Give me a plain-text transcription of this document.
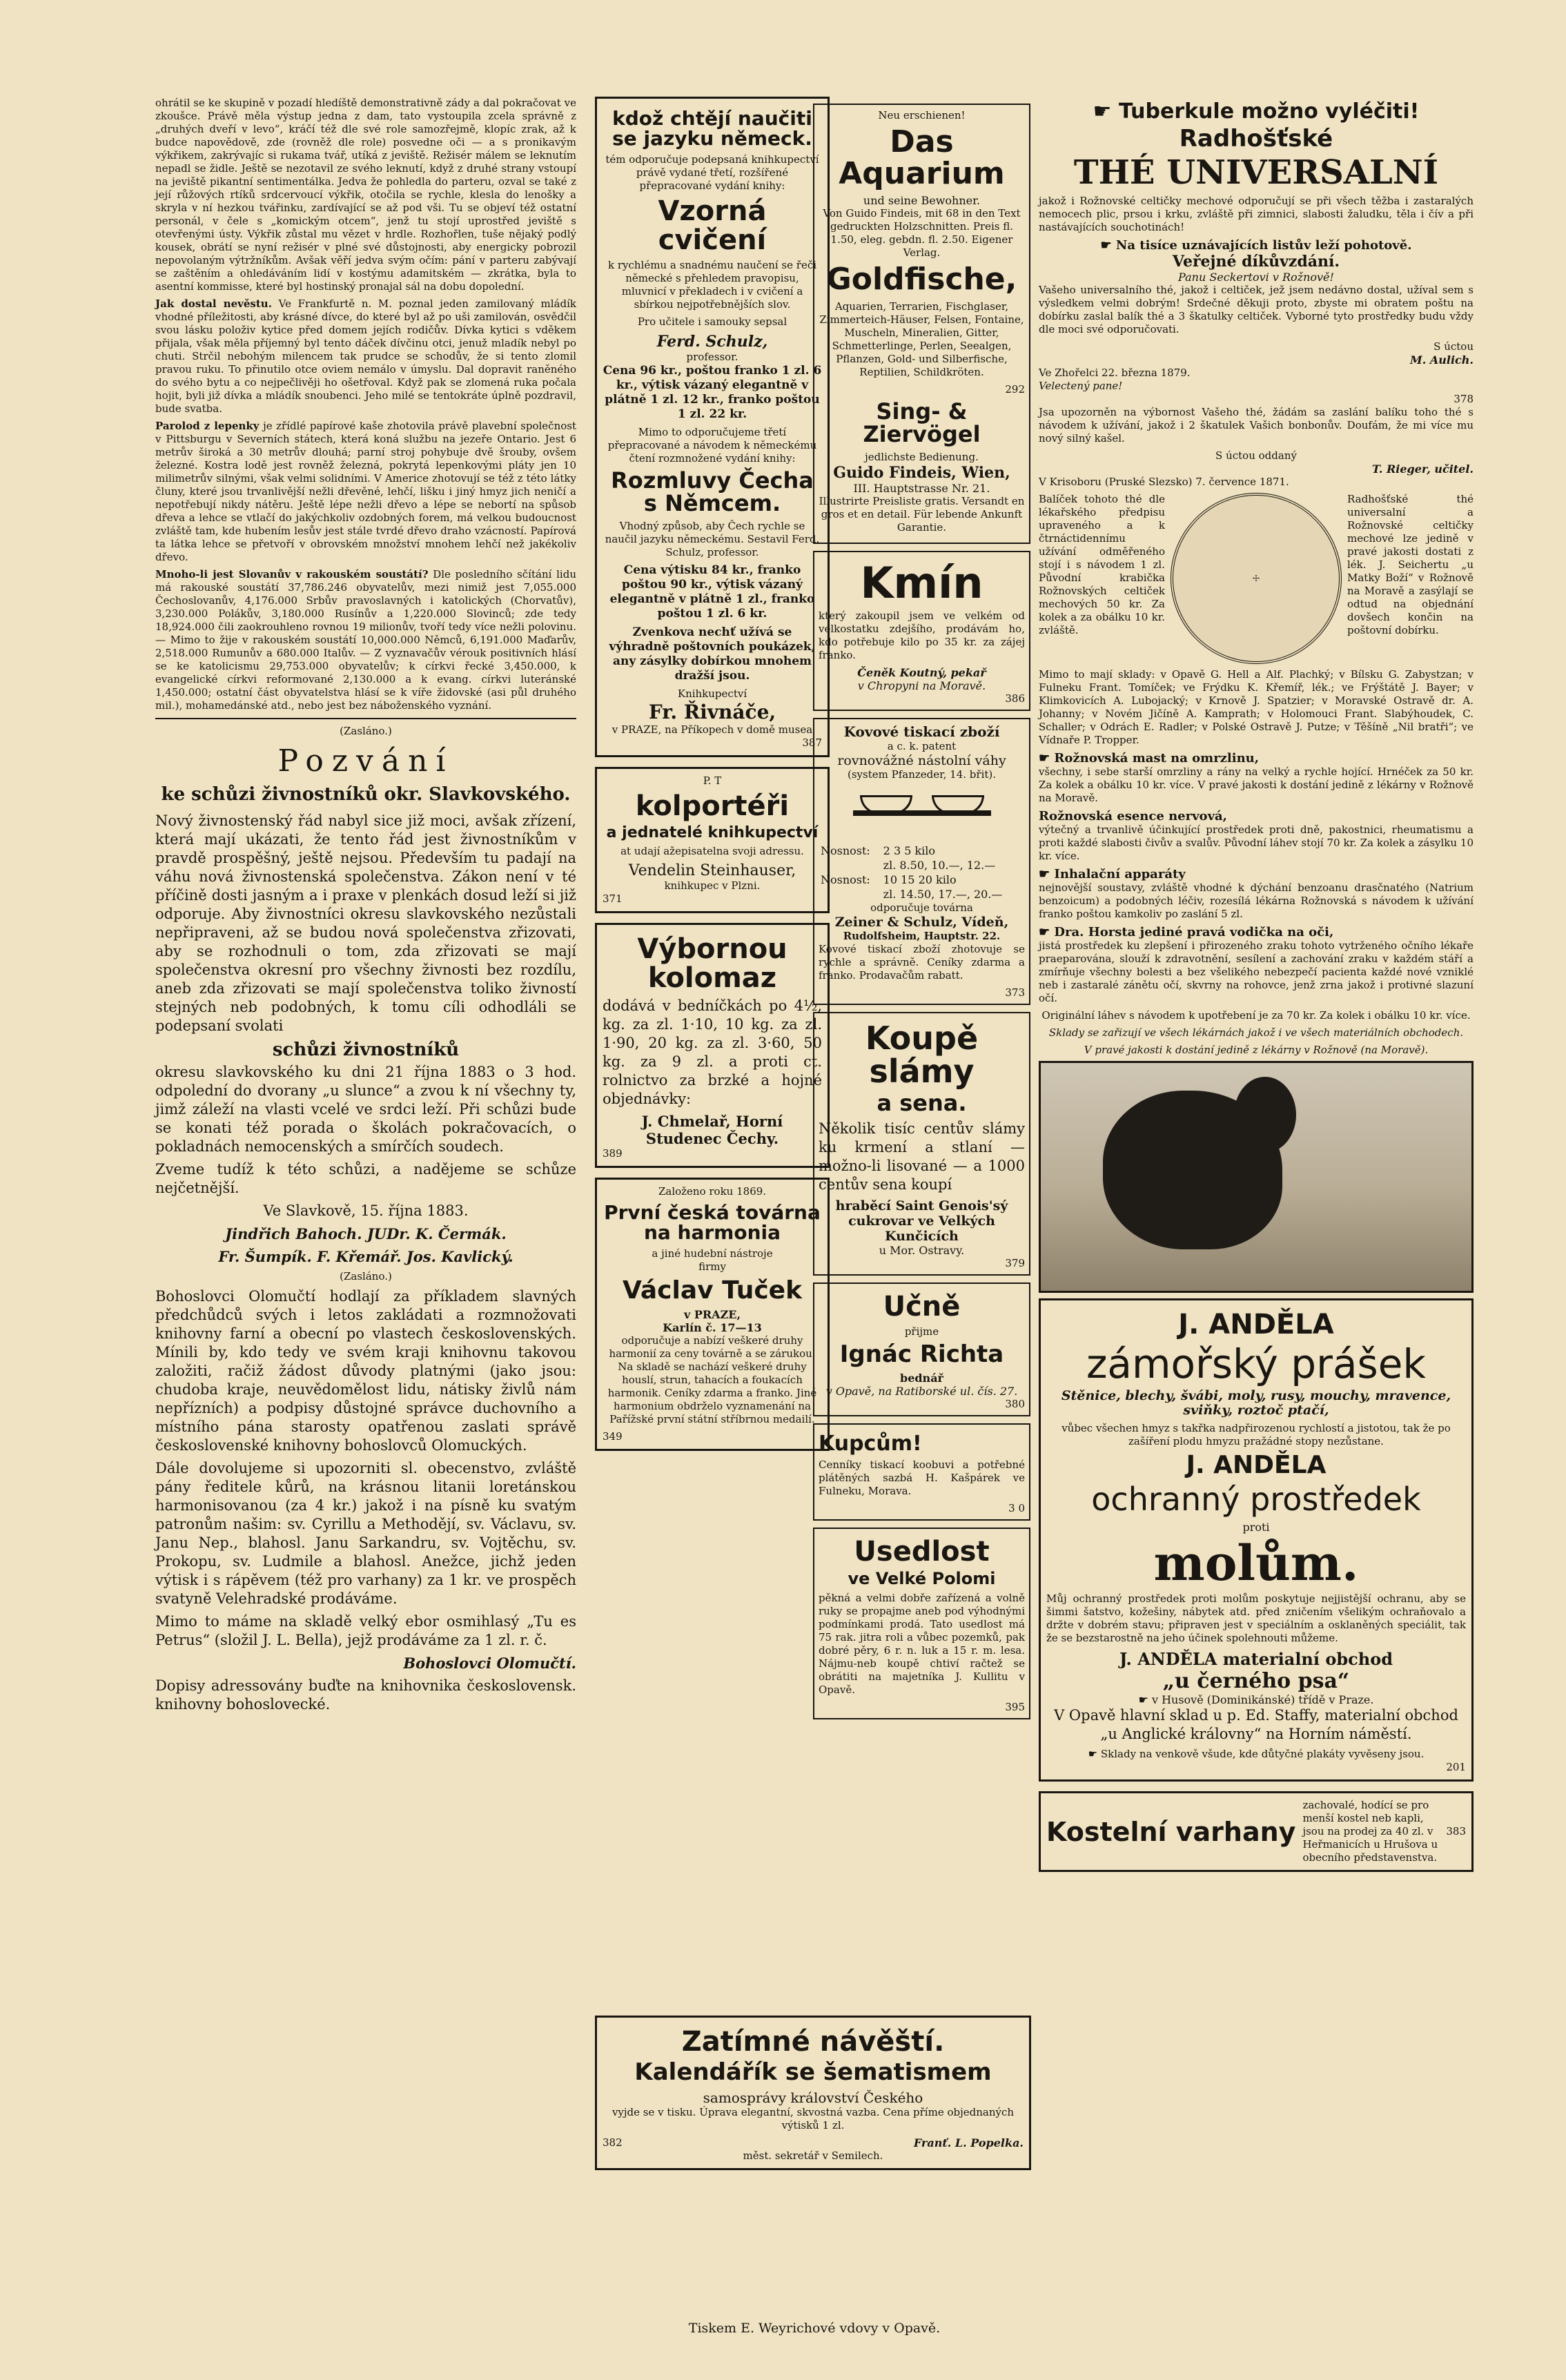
ohrátil se ke skupině v pozadí hledíště demonstrativně zády a dal pokračovat ve zkoušce. Právě měla výstup jedna z dam, tato vystoupila zcela správně z „druhých dveří v levo“, kráčí též dle své role samozřejmě, klopíc zrak, až k budce napovědově, zde (rovněž dle role) posvedne oči — a s pronikavým výkřikem, zakrývajíc si rukama tvář, utíká z jeviště. Režisér málem se leknutím nepadl se židle. Ještě se nezotavil ze svého leknutí, když z druhé strany vstoupí na jeviště pikantní sentimentálka. Jedva že pohledla do parteru, ozval se také z její růžových rtíků srdcervoucí výkřik, otočila se rychle, klesla do lenošky a skryla v ní hezkou tvářinku, zardívající se až pod vši. Tu se objeví též ostatní personál, v čele s „komickým otcem“, jenž tu stojí uprostřed jeviště s otevřenými ústy. Výkřik zůstal mu vězet v hrdle. Rozhořlen, tuše nějaký podlý kousek, obrátí se nyní režisér v plné své důstojnosti, aby energicky pobrozil nepovolaným výtržníkům. Avšak věří jedva svým očím: pání v parteru zabývají se zaštěním a ohledáváním lidí v kostýmu adamitském — zkrátka, byla to asentní kommisse, které byl hostinský pronajal sál na dobu dopolední.

Jak dostal nevěstu. Ve Frankfurtě n. M. poznal jeden zamilovaný mládík vhodné příležitosti, aby krásné dívce, do které byl až po uši zamilován, osvědčil svou lásku položiv kytice před domem jejích rodičův. Dívka kytici s vděkem přijala, však měla příjemný byl tento dáček dívčinu otci, jenuž mladík nebyl po chuti. Strčil nebohým milencem tak prudce se schodův, že si tento zlomil pravou ruku. To přinutilo otce oviem nemálo v úmyslu. Dal dopravit raněného do svého bytu a co nejpečlivěji ho ošetřoval. Když pak se zlomená ruka počala hojit, byli již dívka a mládík snoubenci. Jeho milé se tentokráte úplně pozdravil, bude svatba.

Parolod z lepenky je zřídlé papírové kaše zhotovila právě plavební společnost v Pittsburgu v Severních státech, která koná službu na jezeře Ontario. Jest 6 metrův široká a 30 metrův dlouhá; parní stroj pohybuje dvě šrouby, ovšem železné. Kostra lodě jest rovněž železná, pokrytá lepenkovými pláty jen 10 milimetrův silnými, však velmi solidními. V Americe zhotovují se též z této látky čluny, které jsou trvanlivější nežli dřevěné, lehčí, lišku i jiný hmyz jich neničí a nepotřebují nikdy nátěru. Ještě lépe nežli dřevo a lépe se nebortí na spůsob dřeva a lehce se vtlačí do jakýchkoliv ozdobných forem, má velkou budoucnost zvláště tam, kde hubením lesův jest stále tvrdé dřevo draho vzácností. Papírová ta látka lehce se přetvoří v obrovském množství mnohem lehčí než jakékoliv dřevo.

Mnoho-li jest Slovanův v rakouském soustátí? Dle posledního sčítání lidu má rakouské soustátí 37,786.246 obyvatelův, mezi nimiž jest 7,055.000 Čechoslovanův, 4,176.000 Srbův pravoslavných i katolických (Chorvatův), 3,230.000 Polákův, 3,180.000 Rusínův a 1,220.000 Slovinců; zde tedy 18,924.000 čili zaokrouhleno rovnou 19 milionův, tvoří tedy více nežli polovinu. — Mimo to žije v rakouském soustátí 10,000.000 Němců, 6,191.000 Maďarův, 2,518.000 Rumunův a 680.000 Italův. — Z vyznavačův vérouk positivních hlásí se ke katolicismu 29,753.000 obyvatelův; k církvi řecké 3,450.000, k evangelické církvi reformované 2,130.000 a k evang. církvi luteránské 1,450.000; ostatní část obyvatelstva hlásí se k víře židovské (asi půl druhého mil.), mohamedánské atd., nebo jest bez náboženského vyznání.

(Zasláno.)

Pozvání
ke schůzi živnostníků okr. Slavkovského.

Nový živnostenský řád nabyl sice již moci, avšak zřízení, která mají ukázati, že tento řád jest živnostníkům v pravdě prospěšný, ještě nejsou. Především tu padají na váhu nová živnostenská společenstva. Zákon není v té příčině dosti jasným a i praxe v plenkách dosud leží si již odporuje. Aby živnostníci okresu slavkovského nezůstali nepřipraveni, až se budou nová společenstva zřizovati, aby se rozhodnuli o tom, zda zřizovati se mají společenstva okresní pro všechny živnosti bez rozdílu, aneb zda zřizovati se mají společenstva toliko živností stejných neb podobných, k tomu cíli odhodláli se podepsaní svolati

schůzi živnostníků

okresu slavkovského ku dni 21 října 1883 o 3 hod. odpolední do dvorany „u slunce“ a zvou k ní všechny ty, jimž záleží na vlasti vcelé ve srdci leží. Při schůzi bude se konati též porada o školách pokračovacích, o pokladnách nemocenských a smírčích soudech.

Zveme tudíž k této schůzi, a nadějeme se schůze nejčetnější.

Ve Slavkově, 15. října 1883.

Jindřich Bahoch. JUDr. K. Čermák.

Fr. Šumpík. F. Křemář. Jos. Kavlický.

(Zasláno.)

Bohoslovci Olomučtí hodlají za příkladem slavných předchůdců svých i letos zakládati a rozmnožovati knihovny farní a obecní po vlastech československých. Mínili by, kdo tedy ve svém kraji knihovnu takovou založiti, račiž žádost důvody platnými (jako jsou: chudoba kraje, neuvědomělost lidu, nátisky živlů nám nepřízních) a podpisy důstojné správce duchovního a místního pána starosty opatřenou zaslati správě československé knihovny bohoslovců Olomuckých.

Dále dovolujeme si upozorniti sl. obecenstvo, zvláště pány ředitele kůrů, na krásnou litanii loretánskou harmonisovanou (za 4 kr.) jakož i na písně ku svatým patronům našim: sv. Cyrillu a Methodějí, sv. Václavu, sv. Janu Nep., blahosl. Janu Sarkandru, sv. Vojtěchu, sv. Prokopu, sv. Ludmile a blahosl. Anežce, jichž jeden výtisk i s rápěvem (též pro varhany) za 1 kr. ve prospěch svatyně Velehradské prodáváme.

Mimo to máme na skladě velký ebor osmihlasý „Tu es Petrus“ (složil J. L. Bella), jejž prodáváme za 1 zl. r. č.

Bohoslovci Olomučtí.

Dopisy adressovány buďte na knihovnika československ. knihovny bohoslovecké.

kdož chtějí naučiti se jazyku německ.

tém odporučuje podepsaná knihkupectví právě vydané třetí, rozšířené přepracované vydání knihy:

Vzorná cvičení

k rychlému a snadnému naučení se řeči německé s přehledem pravopisu, mluvnicí v překladech i v cvičení a sbírkou nejpotřebnějších slov.

Pro učitele i samouky sepsal

Ferd. Schulz,
professor.

Cena 96 kr., poštou franko 1 zl. 6 kr., výtisk vázaný elegantně v plátně 1 zl. 12 kr., franko poštou 1 zl. 22 kr.

Mimo to odporučujeme třetí přepracované a návodem k německému čtení rozmnožené vydání knihy:

Rozmluvy Čecha s Němcem.

Vhodný způsob, aby Čech rychle se naučil jazyku německému. Sestavil Ferd. Schulz, professor.

Cena výtisku 84 kr., franko poštou 90 kr., výtisk vázaný elegantně v plátně 1 zl., franko poštou 1 zl. 6 kr.

Zvenkova nechť užívá se výhradně poštovních poukázek, any zásylky dobírkou mnohem dražší jsou.

Knihkupectví
Fr. Řivnáče,
v PRAZE, na Příkopech v domě musea
387
P. T
kolportéři
a jednatelé knihkupectví

at udají ažepisatelna svoji adressu.

Vendelin Steinhauser,
knihkupec v Plzni.
371
Výbornou kolomaz

dodává v bedníčkách po 4½, kg. za zl. 1·10, 10 kg. za zl. 1·90, 20 kg. za zl. 3·60, 50 kg. za 9 zl. a proti ct. rolnictvo za brzké a hojné objednávky:

J. Chmelař, Horní Studenec Čechy.
389
Založeno roku 1869.
První česká továrna na harmonia
a jiné hudební nástroje
firmy
Václav Tuček
v PRAZE,
Karlín č. 17—13

odporučuje a nabízí veškeré druhy harmonií za ceny továrně a se zárukou. Na skladě se nachází veškeré druhy houslí, strun, tahacích a foukacích harmonik. Ceníky zdarma a franko. Jiné harmonium obdrželo vyznamenání na Pařížské první státní stříbrnou medailí.

349
Neu erschienen!
Das Aquarium
und seine Bewohner.

Von Guido Findeis, mit 68 in den Text gedruckten Holzschnitten. Preis fl. 1.50, eleg. gebdn. fl. 2.50. Eigener Verlag.

Goldfische,

Aquarien, Terrarien, Fischglaser, Zimmerteich-Häuser, Felsen, Fontaine, Muscheln, Mineralien, Gitter, Schmetterlinge, Perlen, Seealgen, Pflanzen, Gold- und Silberfische, Reptilien, Schildkröten.

292
Sing- & Ziervögel
jedlichste Bedienung.
Guido Findeis, Wien,
III. Hauptstrasse Nr. 21.

Illustrirte Preisliste gratis. Versandt en gros et en detail. Für lebende Ankunft Garantie.

Kmín

který zakoupil jsem ve velkém od velkostatku zdejšího, prodávám ho, kdo potřebuje kilo po 35 kr. za zájej franko.

Čeněk Koutný, pekař
v Chropyni na Moravě.
386
Kovové tiskací zboží
a c. k. patent
rovnovážné nástolní váhy
(system Pfanzeder, 14. břit).
Nosnost:	2 3 5 kilo
	zl. 8.50, 10.—, 12.—
Nosnost:	10 15 20 kilo
	zl. 14.50, 17.—, 20.—
odporučuje továrna
Zeiner & Schulz, Vídeň,
Rudolfsheim, Hauptstr. 22.

Kovové tiskací zboží zhotovuje se rychle a správně. Ceníky zdarma a franko. Prodavačům rabatt.

373
Koupě slámy
a sena.

Několik tisíc centův slámy ku krmení a stlaní — možno-li lisované — a 1000 centův sena koupí

hraběcí Saint Genois'sý cukrovar ve Velkých Kunčicích
u Mor. Ostravy.
379
Učně
přijme
Ignác Richta
bednář
v Opavě, na Ratiborské ul. čís. 27.
380
Kupcům!

Cenníky tiskací koobuvi a potřebné plátěných sazbá H. Kašpárek ve Fulneku, Morava.

3 0
Usedlost
ve Velké Polomi

pěkná a velmi dobře zařízená a volně ruky se propajme aneb pod výhodnými podmínkami prodá. Tato usedlost má 75 rak. jitra roli a vůbec pozemků, pak dobré pěry, 6 r. n. luk a 15 r. m. lesa. Nájmu-neb koupě chtiví račtež se obrátiti na majetníka J. Kullitu v Opavě.

395
Zatímné návěští.
Kalendářík se šematismem
samosprávy království Českého

vyjde se v tisku. Úprava elegantní, skvostná vazba. Cena příme objednaných výtisků 1 zl.

382	Franť. L. Popelka.
měst. sekretář v Semilech.
☛ Tuberkule možno vyléčiti!
Radhošťské
THÉ UNIVERSALNÍ

jakož i Rožnovské celtičky mechové odporučují se při všech těžba i zastaralých nemocech plic, prsou i krku, zvláště při zimnici, slabosti žaludku, těla i čív a při nastávajících souchotinách!

☛ Na tisíce uznávajících listův leží pohotově.
Veřejné díkůvzdání.
Panu Seckertovi v Rožnově!

Vašeho universalního thé, jakož i celtiček, jež jsem nedávno dostal, užíval sem s výsledkem velmi dobrým! Srdečné děkuji proto, zbyste mi obratem poštu na dobírku zaslal balík thé a 3 škatulky celtiček. Vyborné tyto prostředky budu vždy dle moci své odporučovati.

S úctou
M. Aulich.
Ve Zhořelci 22. března 1879.
Velectený pane!
378

Jsa upozorněn na výbornost Vašeho thé, žádám sa zaslání balíku toho thé s návodem k užívání, jakož i 2 škatulek Vašich bonbonův. Doufám, že mi více mu nový silný kašel.

S úctou oddaný
T. Rieger, učitel.
V Krisoboru (Pruské Slezsko) 7. července 1871.

Balíček tohoto thé dle lékařského předpisu upraveného a k čtrnáctidennímu užívání odměřeného stojí i s návodem 1 zl. Původní krabička Rožnovských celtiček mechových 50 kr. Za kolek a za obálku 10 kr. zvláště.

☩

Radhošťské thé universalní a Rožnovské celtičky mechové lze jedině v pravé jakosti dostati z lék. J. Seichertu „u Matky Boží“ v Rožnově na Moravě a zasýlají se odtud na objednání dovšech končin na poštovní dobírku.

Mimo to mají sklady: v Opavě G. Hell a Alf. Plachký; v Bílsku G. Zabystzan; v Fulneku Frant. Tomíček; ve Frýdku K. Křemíř, lék.; ve Frýštátě J. Bayer; v Klimkovicích A. Lubojacký; v Krnově J. Spatzier; v Moravské Ostravě dr. A. Johanny; v Novém Jičíně A. Kamprath; v Holomouci Frant. Slabýhoudek, C. Schaller; v Odrách E. Radler; v Polské Ostravě J. Putze; v Těšíně „Nil bratři“; ve Vídnaře P. Tropper.

☛ Rožnovská mast na omrzlinu,

všechny, i sebe starší omrzliny a rány na velký a rychle hojící. Hrnéček za 50 kr. Za kolek a obálku 10 kr. více. V pravé jakosti k dostání jedině z lékárny v Rožnově na Moravě.

Rožnovská esence nervová,

výtečný a trvanlivě účinkující prostředek proti dně, pakostnici, rheumatismu a proti každé slabosti čivův a svalův. Původní láhev stojí 70 kr. Za kolek a zásylku 10 kr. více.

☛ Inhalační apparáty

nejnovější soustavy, zvláště vhodné k dýchání benzoanu drasčnatého (Natrium benzoicum) a podobných léčiv, rozesílá lékárna Rožnovská s návodem k užívání franko poštou kamkoliv po zaslání 5 zl.

☛ Dra. Horsta jediné pravá vodička na oči,

jistá prostředek ku zlepšení i přirozeného zraku tohoto vytrženého očního lékaře praeparována, slouží k zdravotnění, sesílení a zachování zraku v každém stáří a zmírňuje všechny bolesti a bez všelikého nebezpečí pacienta každé nové vzniklé neb i zastaralé zánětu očí, skvrny na rohovce, jenž zrna jakož i protivné slazuní očí.

Originální láhev s návodem k upotřebení je za 70 kr. Za kolek i obálku 10 kr. více.

Sklady se zařizují ve všech lékárnách jakož i ve všech materiálních obchodech.

V pravé jakosti k dostání jedině z lékárny v Rožnově (na Moravě).

J. ANDĚLA
zámořský prášek

Stěnice, blechy, švábi, moly, rusy, mouchy, mravence, sviňky, roztoč ptačí,

vůbec všechen hmyz s takřka nadpřirozenou rychlostí a jistotou, tak že po zašíření plodu hmyzu pražádné stopy nezůstane.

J. ANDĚLA
ochranný prostředek
proti
molům.

Můj ochranný prostředek proti molům poskytuje nejjistější ochranu, aby se šimmi šatstvo, kožešiny, nábytek atd. před zničením všelikým ochraňovalo a držte v dobrém stavu; připraven jest v speciálním a osklaněných speciálit, tak že se bezstarostně na jeho účinek spolehnouti můžeme.

J. ANDĚLA materialní obchod
„u černého psa“
☛ v Husově (Dominikánské) třídě v Praze.

V Opavě hlavní sklad u p. Ed. Staffy, materialní obchod „u Anglické královny“ na Horním náměstí.

☛ Sklady na venkově všude, kde důtyčné plakáty vyvěseny jsou.
201
Kostelní varhany
zachovalé, hodící se pro menší kostel neb kapli, jsou na prodej za 40 zl. v Heřmanicích u Hrušova u obecního představenstva.
383
Tiskem E. Weyrichové vdovy v Opavě.
